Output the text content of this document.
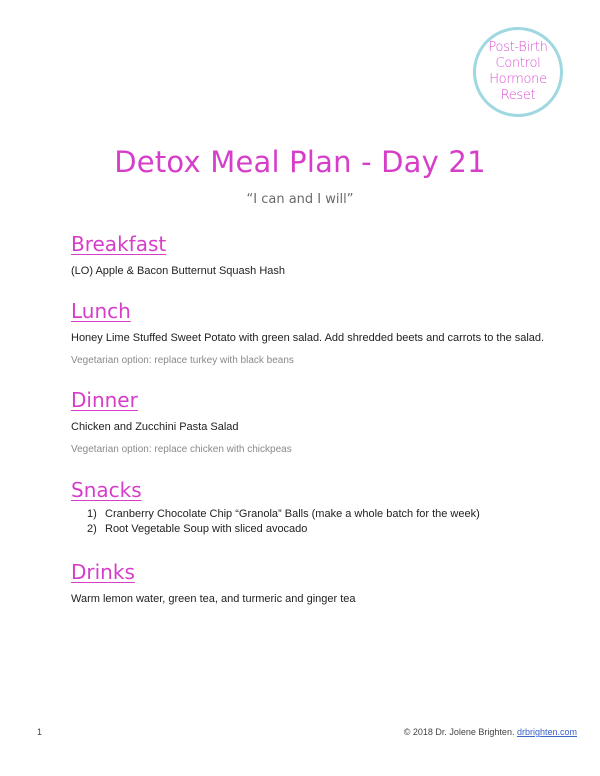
Post-Birth
Control
Hormone
Reset
Detox Meal Plan - Day 21
“I can and I will”
Breakfast
(LO) Apple & Bacon Butternut Squash Hash
Lunch
Honey Lime Stuffed Sweet Potato with green salad. Add shredded beets and carrots to the salad.
Vegetarian option: replace turkey with black beans
Dinner
Chicken and Zucchini Pasta Salad
Vegetarian option: replace chicken with chickpeas
Snacks
1) Cranberry Chocolate Chip “Granola” Balls (make a whole batch for the week)
2) Root Vegetable Soup with sliced avocado
Drinks
Warm lemon water, green tea, and turmeric and ginger tea
1	© 2018 Dr. Jolene Brighten. drbrighten.com
